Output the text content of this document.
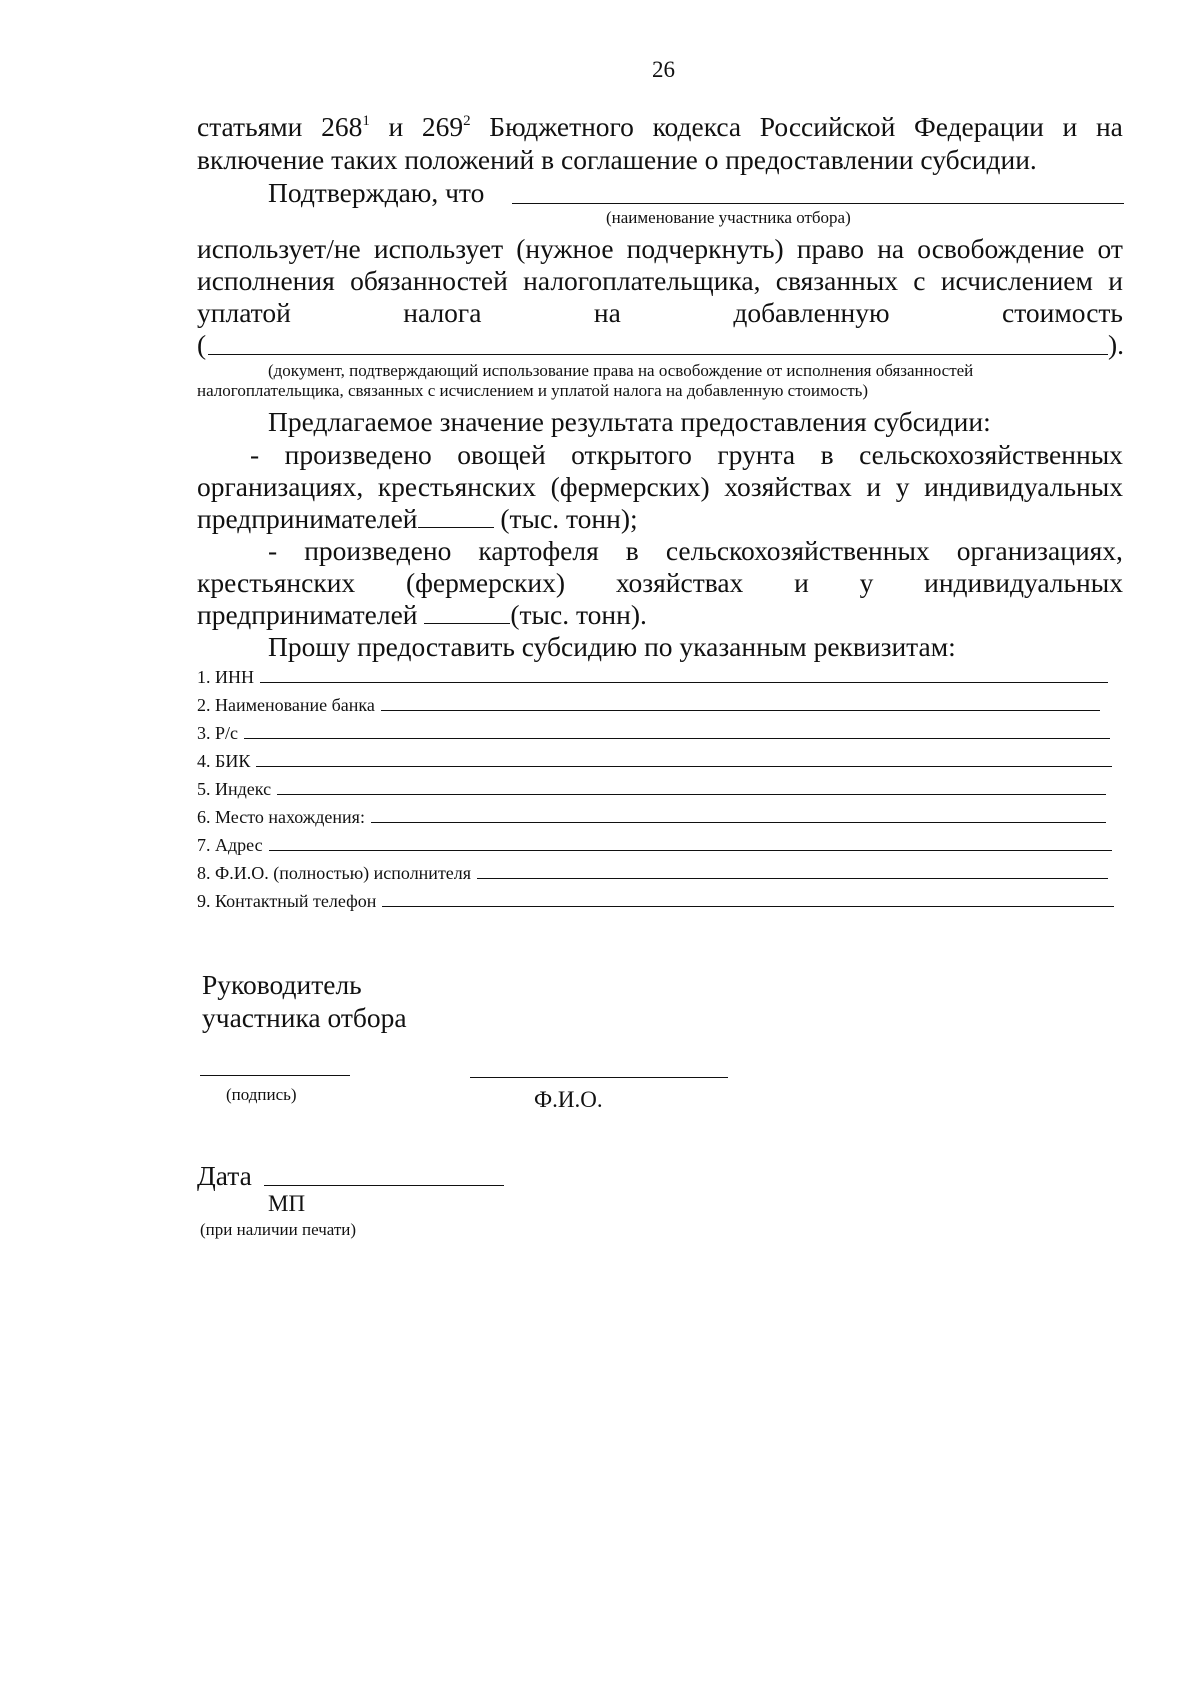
26
статьями $268^1$ и $269^2$ Бюджетного кодекса Российской Федерации и на
включение таких положений в соглашение о предоставлении субсидии.
Подтверждаю, что
(наименование участника отбора)
использует/не использует (нужное подчеркнуть) право на освобождение от
исполнения обязанностей налогоплательщика, связанных с исчислением и
уплатой	налога	на	добавленную	стоимость
(	).
(документ, подтверждающий использование права на освобождение от исполнения обязанностей
налогоплательщика, связанных с исчислением и уплатой налога на добавленную стоимость)
Предлагаемое значение результата предоставления субсидии:
- произведено овощей открытого грунта в сельскохозяйственных
организациях, крестьянских (фермерских) хозяйствах и у индивидуальных
предпринимателей	(тыс. тонн);
- произведено картофеля в сельскохозяйственных организациях,
крестьянских (фермерских) хозяйствах и у индивидуальных
предпринимателей	(тыс. тонн).
Прошу предоставить субсидию по указанным реквизитам:
1. ИНН
2. Наименование банка
3. Р/с
4. БИК
5. Индекс
6. Место нахождения:
7. Адрес
8. Ф.И.О. (полностью) исполнителя
9. Контактный телефон
Руководитель
участника отбора
(подпись)	Ф.И.О.
Дата
МП
(при наличии печати)
